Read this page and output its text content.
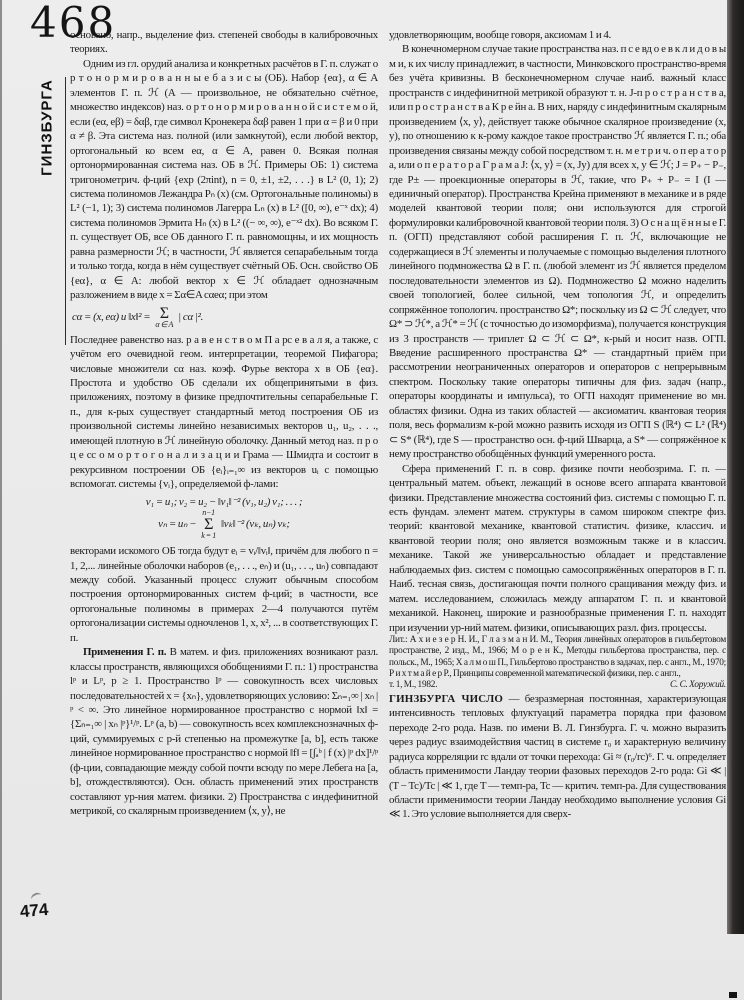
468
ГИНЗБУРГА
474

основано, напр., выделение физ. степеней свободы в калибровочных теориях.

Одним из гл. орудий анализа и конкретных расчётов в Г. п. служат о р т о н о р м и р о в а н н ы е б а з и с ы (ОБ). Набор {eα}, α ∈ A элементов Г. п. ℋ (A — произвольное, не обязательно счётное, множество индексов) наз. о р т о н о р м и р о в а н н о й с и с т е м о й, если (eα, eβ) = δαβ, где символ Кронекера δαβ равен 1 при α = β и 0 при α ≠ β. Эта система наз. полной (или замкнутой), если любой вектор, ортогональный ко всем eα, α ∈ A, равен 0. Всякая полная ортонормированная система наз. ОБ в ℋ. Примеры ОБ: 1) система тригонометрич. ф-ций {exp (2πint), n = 0, ±1, ±2, . . .} в L² (0, 1); 2) система полиномов Лежандра Pₙ (x) (см. Ортогональные полиномы) в L² (−1, 1); 3) система полиномов Лагерра Lₙ (x) в L² ([0, ∞), e⁻ˣ dx); 4) система полиномов Эрмита Hₙ (x) в L² ((− ∞, ∞), e⁻ˣ² dx). Во всяком Г. п. существует ОБ, все ОБ данного Г. п. равномощны, и их мощность равна размерности ℋ; в частности, ℋ является сепарабельным тогда и только тогда, когда в нём существует счётный ОБ. Осн. свойство ОБ {eα}, α ∈ A: любой вектор x ∈ ℋ обладает однозначным разложением в виде x = Σα∈A cαeα; при этом

cα = (x, eα) и ‖x‖² = Σ
α ∈ A
| cα |².

Последнее равенство наз. р а в е н с т в о м П а рс е в а л я, а также, с учётом его очевидной геом. интерпретации, теоремой Пифагора; числовые множители cα наз. коэф. Фурье вектора x в ОБ {eα}. Простота и удобство ОБ сделали их общепринятыми в физ. приложениях, поэтому в физике предпочтительны сепарабельные Г. п., для к-рых существует стандартный метод построения ОБ из произвольной системы линейно независимых векторов u₁, u₂, . . ., имеющей плотную в ℋ линейную оболочку. Данный метод наз. п р о ц е сс о м о р т о г о н а л и з а ц и и Грама — Шмидта и состоит в рекурсивном построении ОБ {eᵢ}ᵢ₌₁∞ из векторов uᵢ с помощью вспомогат. системы {vᵢ}, определяемой ф-лами:

v₁ = u₁; v₂ = u₂ − ‖v₁‖⁻² (v₁, u₂) v₁; . . . ;
vₙ = uₙ −
n−1
Σ
k = 1
‖vₖ‖⁻² (vₖ, uₙ) vₖ;

векторами искомого ОБ тогда будут eᵢ = vᵢ/‖vᵢ‖, причём для любого n = 1, 2,... линейные оболочки наборов (e₁, . . ., eₙ) и (u₁, . . ., uₙ) совпадают между собой. Указанный процесс служит обычным способом построения ортонормированных систем ф-ций; в частности, все ортогональные полиномы в примерах 2—4 получаются путём ортогонализации системы одночленов 1, x, x², ... в соответствующих Г. п.

Применения Г. п. В матем. и физ. приложениях возникают разл. классы пространств, являющихся обобщениями Г. п.: 1) пространства lᵖ и Lᵖ, p ≥ 1. Пространство lᵖ — совокупность всех числовых последовательностей x = {xₙ}, удовлетворяющих условию: Σₙ₌₁∞ | xₙ |ᵖ < ∞. Это линейное нормированное пространство с нормой ‖x‖ = {Σₙ₌₁∞ | xₙ |ᵖ}¹/ᵖ. Lᵖ (a, b) — совокупность всех комплекснозначных ф-ций, суммируемых с p-й степенью на промежутке [a, b], есть также линейное нормированное пространство с нормой ‖f‖ = [∫ₐᵇ | f (x) |ᵖ dx]¹/ᵖ (ф-ции, совпадающие между собой почти всюду по мере Лебега на [a, b], отождествляются). Осн. область применений этих пространств составляют ур-ния матем. физики. 2) Пространства с индефинитной метрикой, со скалярным произведением ⟨x, y⟩, не

удовлетворяющим, вообще говоря, аксиомам 1 и 4.

В конечномерном случае такие пространства наз. п с е вд о е в к л и д о в ы м и, к их числу принадлежит, в частности, Минковского пространство-время без учёта кривизны. В бесконечномерном случае наиб. важный класс пространств с индефинитной метрикой образуют т. н. J-п р о с т р а н с т в а, или п р о с т р а н с т в а К р е йн а. В них, наряду с индефинитным скалярным произведением ⟨x, y⟩, действует также обычное скалярное произведение (x, y), по отношению к к-рому каждое такое пространство ℋ является Г. п.; оба произведения связаны между собой посредством т. н. м е т р и ч. о п ер а т о р а, или о п е р а т о р а Г р а м а J: ⟨x, y⟩ = (x, Jy) для всех x, y ∈ ℋ; J = P₊ − P₋, где P± — проекционные операторы в ℋ, такие, что P₊ + P₋ = I (I — единичный оператор). Пространства Крейна применяют в механике и в ряде моделей квантовой теории поля; они используются для строгой формулировки калибровочной квантовой теории поля. 3) О с н а щ ё н н ы е Г. п. (ОГП) представляют собой расширения Г. п. ℋ, включающие не содержащиеся в ℋ элементы и получаемые с помощью выделения плотного линейного подмножества Ω в Г. п. (любой элемент из ℋ является пределом последовательности элементов из Ω). Подмножество Ω можно наделить своей топологией, более сильной, чем топология ℋ, и определить сопряжённое топологич. пространство Ω*; поскольку из Ω ⊂ ℋ следует, что Ω* ⊃ ℋ*, а ℋ* = ℋ (с точностью до изоморфизма), получается конструкция из 3 пространств — триплет Ω ⊂ ℋ ⊂ Ω*, к-рый и носит назв. ОГП. Введение расширенного пространства Ω* — стандартный приём при рассмотрении неограниченных операторов и операторов с непрерывным спектром. Поскольку такие операторы типичны для физ. задач (напр., операторы координаты и импульса), то ОГП находят применение во мн. областях физики. Одна из таких областей — аксиоматич. квантовая теория поля, весь формализм к-рой можно развить исходя из ОГП S (ℝ⁴) ⊂ L² (ℝ⁴) ⊂ S* (ℝ⁴), где S — пространство осн. ф-ций Шварца, а S* — сопряжённое к нему пространство обобщённых функций умеренного роста.

Сфера применений Г. п. в совр. физике почти необозрима. Г. п. — центральный матем. объект, лежащий в основе всего аппарата квантовой физики. Представление множества состояний физ. системы с помощью Г. п. есть фундам. элемент матем. структуры в самом широком спектре физ. теорий: квантовой механике, квантовой статистич. физике, классич. и квантовой теории поля; оно является возможным также и в классич. механике. Такой же универсальностью обладает и представление наблюдаемых физ. систем с помощью самосопряжённых операторов в Г. п. Наиб. тесная связь, достигающая почти полного сращивания между физ. и матем. исследованием, сложилась между аппаратом Г. п. и квантовой механикой. Наконец, широкие и разнообразные применения Г. п. находят при изучении ур-ний матем. физики, описывающих разл. физ. процессы.

Лит.: А х и е з е р Н. И., Г л а з м а н И. М., Теория линейных операторов в гильбертовом пространстве, 2 изд., М., 1966; М о р е н К., Методы гильбертова пространства, пер. с польск., М., 1965; Х а л м о ш П., Гильбертово пространство в задачах, пер. с англ., М., 1970; Р и х т м а й е р Р., Принципы современной математической физики, пер. с англ.,

т. 1, М., 1982.	С. С. Хоружий.

ГИНЗБУРГА ЧИСЛО — безразмерная постоянная, характеризующая интенсивность тепловых флуктуаций параметра порядка при фазовом переходе 2-го рода. Назв. по имени В. Л. Гинзбурга. Г. ч. можно выразить через радиус взаимодействия частиц в системе r₀ и характерную величину радиуса корреляции rc вдали от точки перехода: Gi ≈ (r₀/rc)⁶. Г. ч. определяет область применимости Ландау теории фазовых переходов 2-го рода: Gi ≪ | (T − Tc)/Tc | ≪ 1, где T — темп-ра, Tc — критич. темп-ра. Для существования области применимости теории Ландау необходимо выполнение условия Gi ≪ 1. Это условие выполняется для сверх-
